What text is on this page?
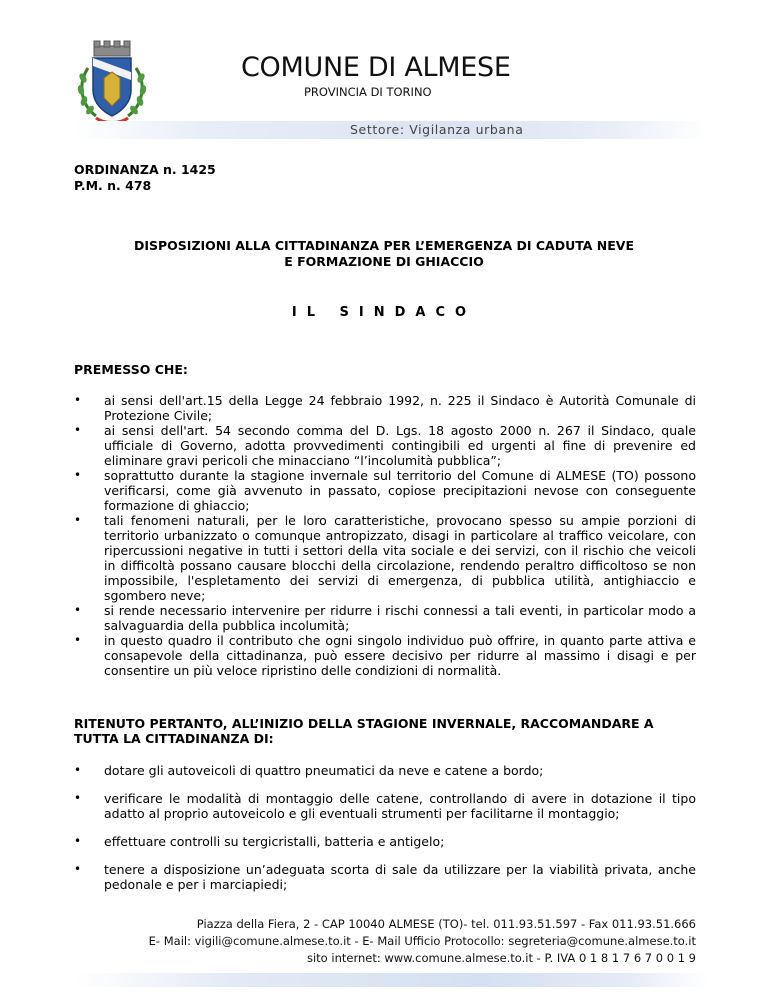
COMUNE DI ALMESE
PROVINCIA DI TORINO
Settore: Vigilanza urbana
ORDINANZA n. 1425
P.M. n. 478
DISPOSIZIONI ALLA CITTADINANZA PER L’EMERGENZA DI CADUTA NEVE
E FORMAZIONE DI GHIACCIO
IL SINDACO
PREMESSO CHE:
• ai sensi dell'art.15 della Legge 24 febbraio 1992, n. 225 il Sindaco è Autorità Comunale di Protezione Civile;
• ai sensi dell'art. 54 secondo comma del D. Lgs. 18 agosto 2000 n. 267 il Sindaco, quale ufficiale di Governo, adotta provvedimenti contingibili ed urgenti al fine di prevenire ed eliminare gravi pericoli che minacciano “l’incolumità pubblica”;
• soprattutto durante la stagione invernale sul territorio del Comune di ALMESE (TO) possono verificarsi, come già avvenuto in passato, copiose precipitazioni nevose con conseguente formazione di ghiaccio;
• tali fenomeni naturali, per le loro caratteristiche, provocano spesso su ampie porzioni di territorio urbanizzato o comunque antropizzato, disagi in particolare al traffico veicolare, con ripercussioni negative in tutti i settori della vita sociale e dei servizi, con il rischio che veicoli in difficoltà possano causare blocchi della circolazione, rendendo peraltro difficoltoso se non impossibile, l'espletamento dei servizi di emergenza, di pubblica utilità, antighiaccio e sgombero neve;
• si rende necessario intervenire per ridurre i rischi connessi a tali eventi, in particolar modo a salvaguardia della pubblica incolumità;
• in questo quadro il contributo che ogni singolo individuo può offrire, in quanto parte attiva e consapevole della cittadinanza, può essere decisivo per ridurre al massimo i disagi e per consentire un più veloce ripristino delle condizioni di normalità.
RITENUTO PERTANTO, ALL’INIZIO DELLA STAGIONE INVERNALE, RACCOMANDARE A TUTTA LA CITTADINANZA DI:
• dotare gli autoveicoli di quattro pneumatici da neve e catene a bordo;
• verificare le modalità di montaggio delle catene, controllando di avere in dotazione il tipo adatto al proprio autoveicolo e gli eventuali strumenti per facilitarne il montaggio;
• effettuare controlli su tergicristalli, batteria e antigelo;
• tenere a disposizione un’adeguata scorta di sale da utilizzare per la viabilità privata, anche pedonale e per i marciapiedi;
Piazza della Fiera, 2 - CAP 10040 ALMESE (TO)- tel. 011.93.51.597 - Fax 011.93.51.666
E- Mail: vigili@comune.almese.to.it - E- Mail Ufficio Protocollo: segreteria@comune.almese.to.it
sito internet: www.comune.almese.to.it - P. IVA 0 1 8 1 7 6 7 0 0 1 9
